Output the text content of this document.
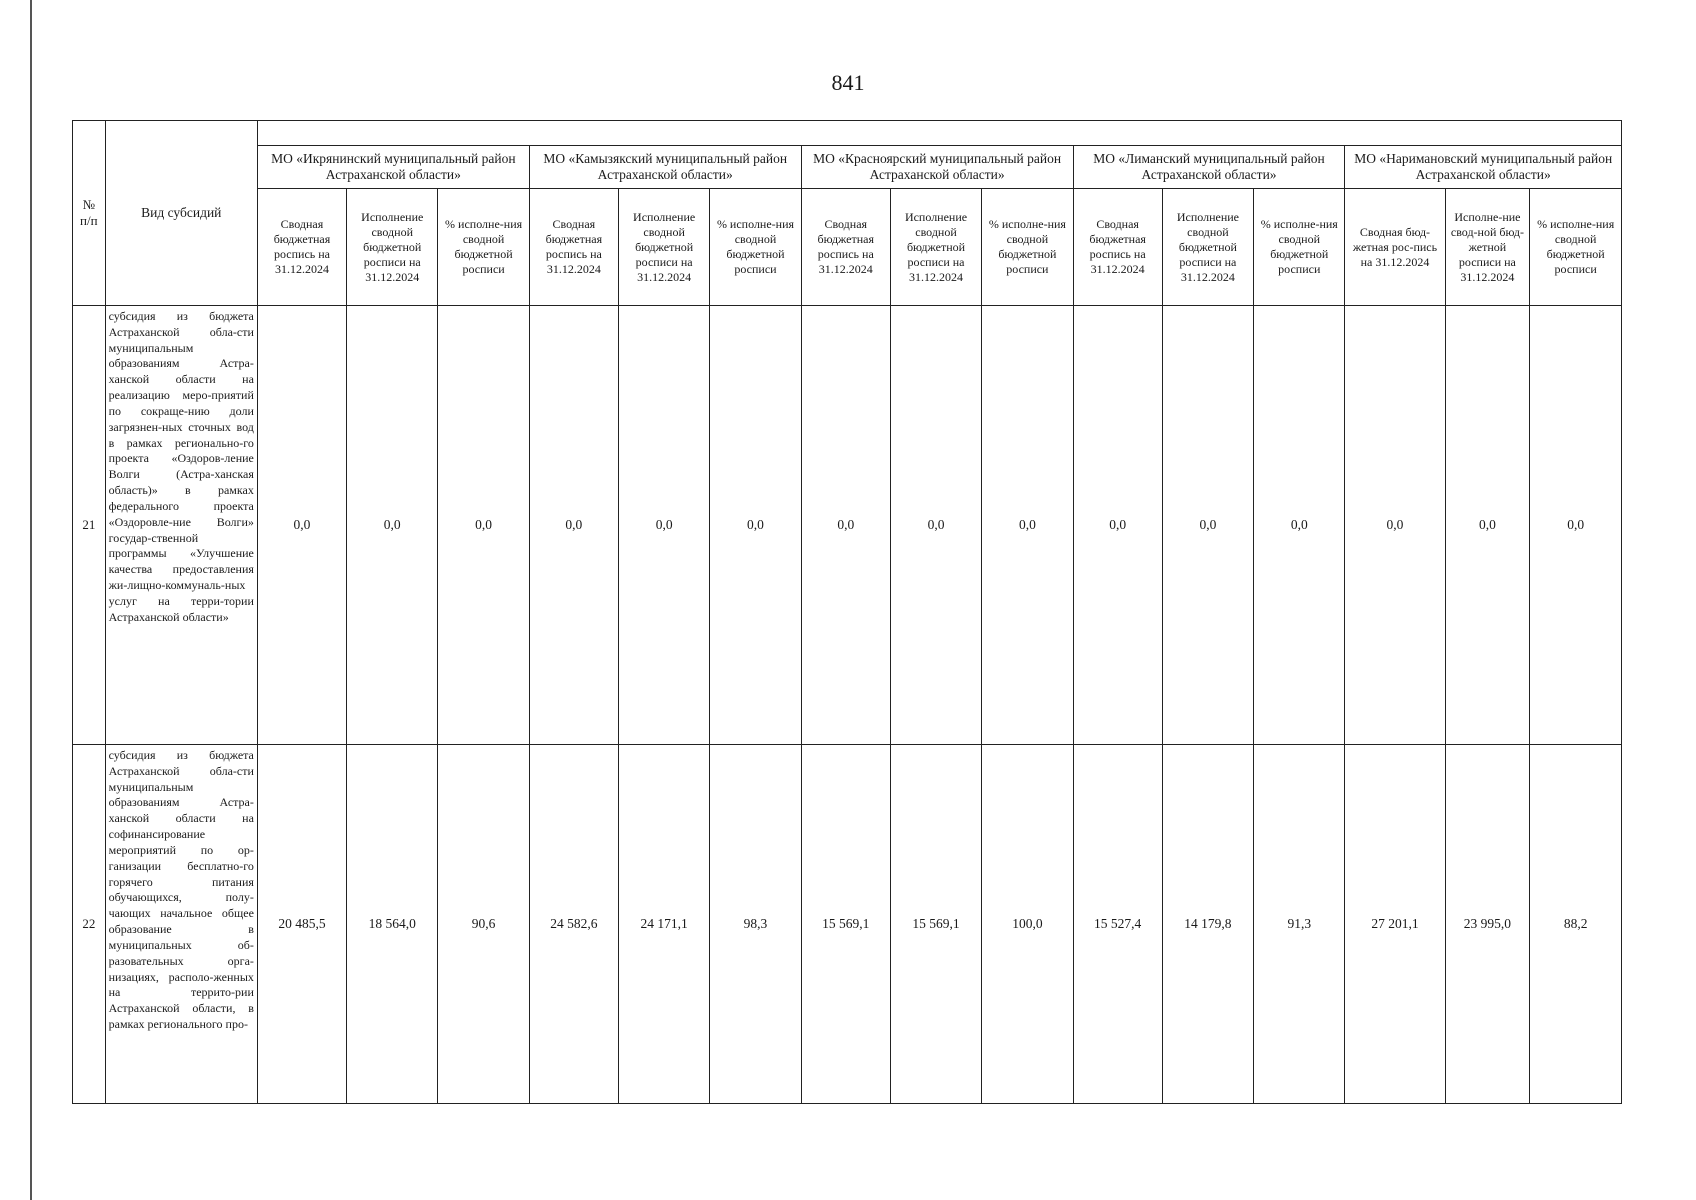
841
№ п/п	Вид субсидий															
		МО «Икрянинский муниципальный район Астраханской области»			МО «Камызякский муниципальный район Астраханской области»			МО «Красноярский муниципальный район Астраханской области»			МО «Лиманский муниципальный район Астраханской области»			МО «Наримановский муниципальный район Астраханской области»		
		Сводная бюджетная роспись на 31.12.2024	Исполнение сводной бюджетной росписи на 31.12.2024	% исполне-ния сводной бюджетной росписи	Сводная бюджетная роспись на 31.12.2024	Исполнение сводной бюджетной росписи на 31.12.2024	% исполне-ния сводной бюджетной росписи	Сводная бюджетная роспись на 31.12.2024	Исполнение сводной бюджетной росписи на 31.12.2024	% исполне-ния сводной бюджетной росписи	Сводная бюджетная роспись на 31.12.2024	Исполнение сводной бюджетной росписи на 31.12.2024	% исполне-ния сводной бюджетной росписи	Сводная бюд-жетная рос-пись на 31.12.2024	Исполне-ние свод-ной бюд-жетной росписи на 31.12.2024	% исполне-ния сводной бюджетной росписи
21	субсидия из бюджета Астраханской обла-сти муниципальным образованиям Астра-ханской области на реализацию меро-приятий по сокраще-нию доли загрязнен-ных сточных вод в рамках регионально-го проекта «Оздоров-ление Волги (Астра-ханская область)» в рамках федерального проекта «Оздоровле-ние Волги» государ-ственной программы «Улучшение качества предоставления жи-лищно-коммуналь-ных услуг на терри-тории Астраханской области»	0,0	0,0	0,0	0,0	0,0	0,0	0,0	0,0	0,0	0,0	0,0	0,0	0,0	0,0	0,0
22	субсидия из бюджета Астраханской обла-сти муниципальным образованиям Астра-ханской области на софинансирование мероприятий по ор-ганизации бесплатно-го горячего питания обучающихся, полу-чающих начальное общее образование в муниципальных об-разовательных орга-низациях, располо-женных на террито-рии Астраханской области, в рамках регионального про-	20 485,5	18 564,0	90,6	24 582,6	24 171,1	98,3	15 569,1	15 569,1	100,0	15 527,4	14 179,8	91,3	27 201,1	23 995,0	88,2
